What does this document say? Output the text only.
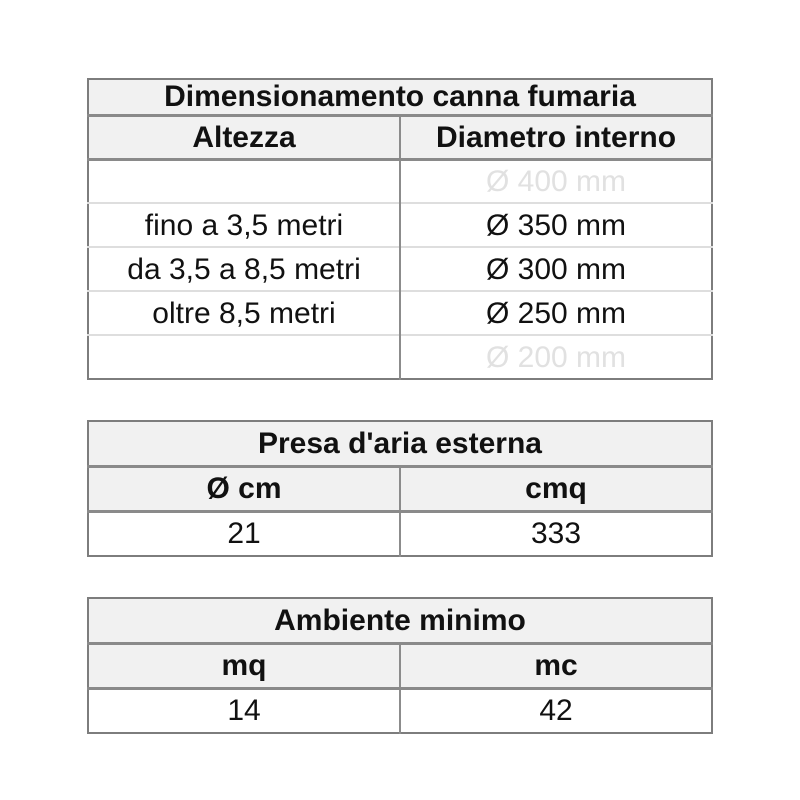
Dimensionamento canna fumaria	
Altezza	Diametro interno
	Ø 400 mm
fino a 3,5 metri	Ø 350 mm
da 3,5 a 8,5 metri	Ø 300 mm
oltre 8,5 metri	Ø 250 mm
	Ø 200 mm
Presa d'aria esterna	
Ø cm	cmq
21	333
Ambiente minimo	
mq	mc
14	42
